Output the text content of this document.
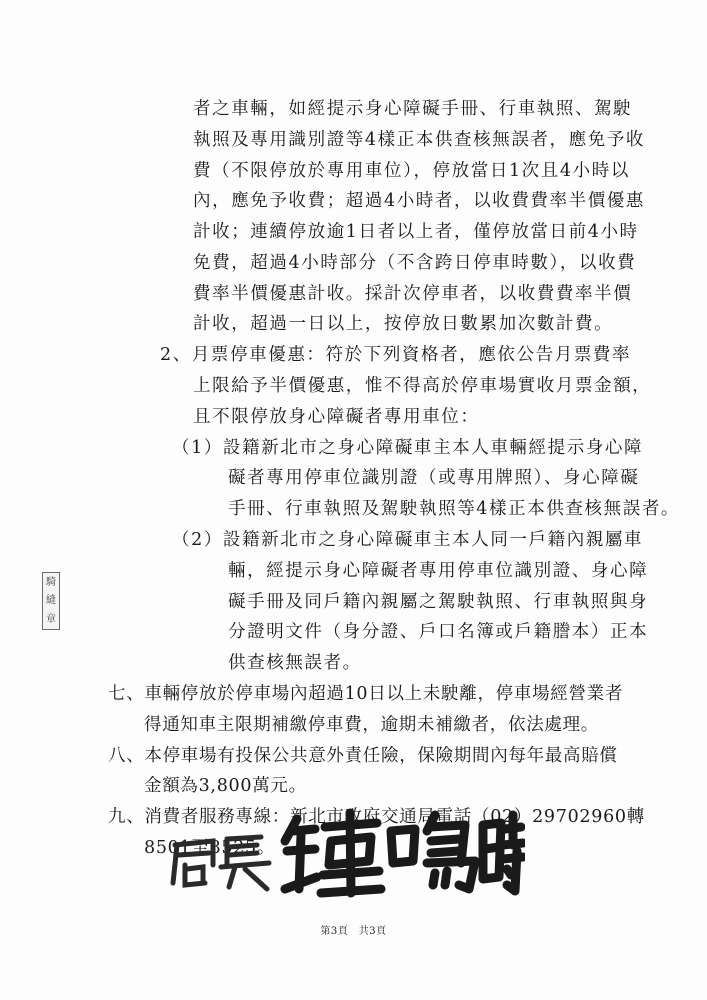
者之車輛，如經提示身心障礙手冊、行車執照、駕駛
執照及專用識別證等4樣正本供查核無誤者，應免予收
費（不限停放於專用車位），停放當日1次且4小時以
內，應免予收費；超過4小時者，以收費費率半價優惠
計收；連續停放逾1日者以上者，僅停放當日前4小時
免費，超過4小時部分（不含跨日停車時數），以收費
費率半價優惠計收。採計次停車者，以收費費率半價
計收，超過一日以上，按停放日數累加次數計費。
2、月票停車優惠：符於下列資格者，應依公告月票費率
上限給予半價優惠，惟不得高於停車場實收月票金額，
且不限停放身心障礙者專用車位：
（1）設籍新北市之身心障礙車主本人車輛經提示身心障
礙者專用停車位識別證（或專用牌照）、身心障礙
手冊、行車執照及駕駛執照等4樣正本供查核無誤者。
（2）設籍新北市之身心障礙車主本人同一戶籍內親屬車
輛，經提示身心障礙者專用停車位識別證、身心障
礙手冊及同戶籍內親屬之駕駛執照、行車執照與身
分證明文件（身分證、戶口名簿或戶籍謄本）正本
供查核無誤者。
七、車輛停放於停車場內超過10日以上未駛離，停車場經營業者
得通知車主限期補繳停車費，逾期未補繳者，依法處理。
八、本停車場有投保公共意外責任險，保險期間內每年最高賠償
金額為3,800萬元。
九、消費者服務專線：新北市政府交通局電話（02）29702960轉
8501至8525。
騎
縫
章
第3頁　共3頁
